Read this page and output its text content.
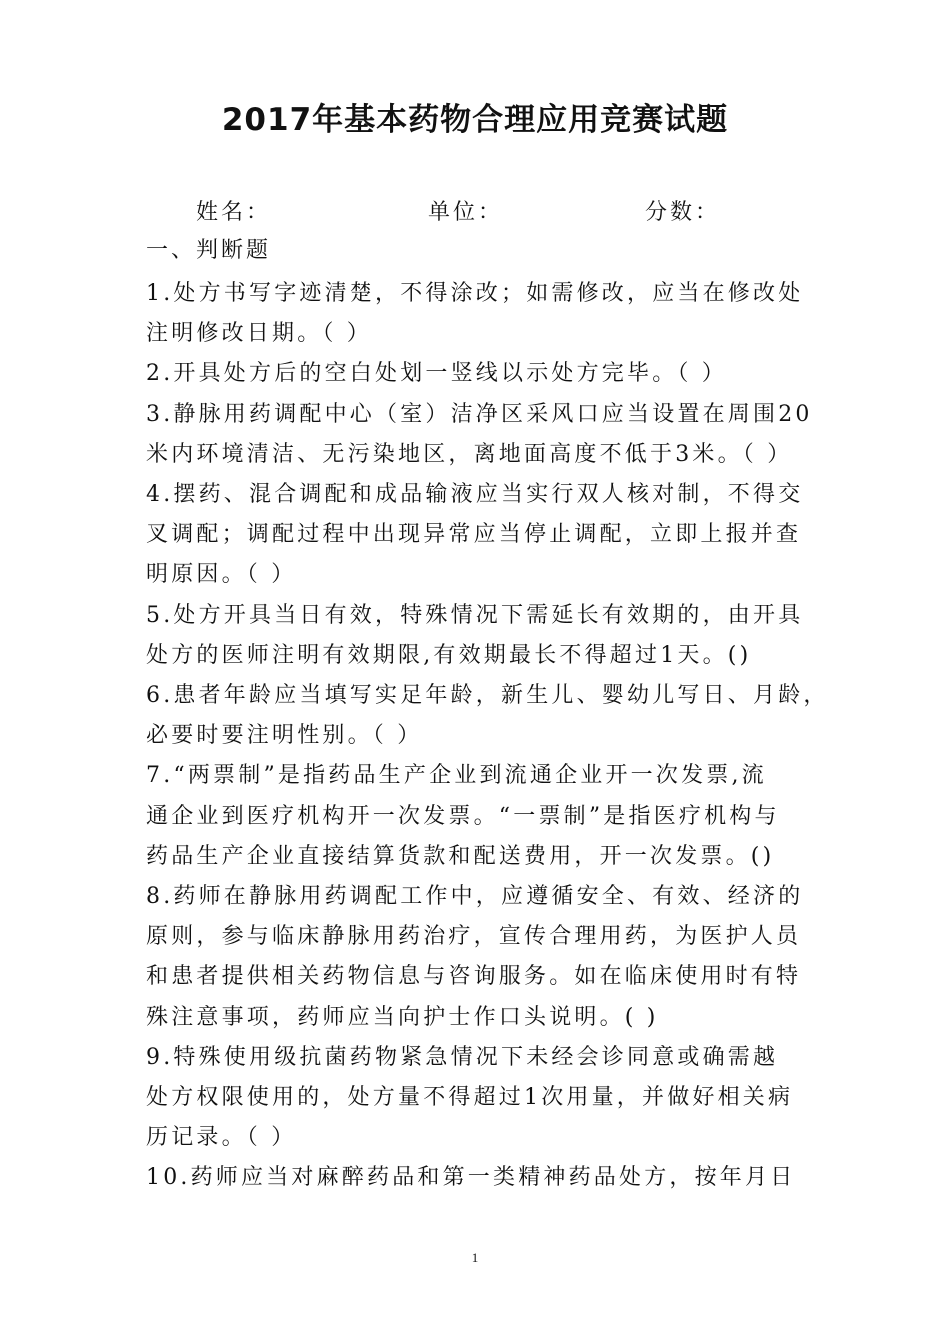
2017年基本药物合理应用竞赛试题
姓名：	单位：	分数：
一、判断题
1.处方书写字迹清楚，不得涂改；如需修改，应当在修改处
注明修改日期。（ ）
2.开具处方后的空白处划一竖线以示处方完毕。（ ）
3.静脉用药调配中心（室）洁净区采风口应当设置在周围20
米内环境清洁、无污染地区，离地面高度不低于3米。（ ）
4.摆药、混合调配和成品输液应当实行双人核对制，不得交
叉调配；调配过程中出现异常应当停止调配，立即上报并查
明原因。（ ）
5.处方开具当日有效，特殊情况下需延长有效期的，由开具
处方的医师注明有效期限,有效期最长不得超过1天。()
6.患者年龄应当填写实足年龄，新生儿、婴幼儿写日、月龄，
必要时要注明性别。（ ）
7.“两票制”是指药品生产企业到流通企业开一次发票,流
通企业到医疗机构开一次发票。“一票制”是指医疗机构与
药品生产企业直接结算货款和配送费用，开一次发票。()
8.药师在静脉用药调配工作中，应遵循安全、有效、经济的
原则，参与临床静脉用药治疗，宣传合理用药，为医护人员
和患者提供相关药物信息与咨询服务。如在临床使用时有特
殊注意事项，药师应当向护士作口头说明。( )
9.特殊使用级抗菌药物紧急情况下未经会诊同意或确需越
处方权限使用的，处方量不得超过1次用量，并做好相关病
历记录。（ ）
10.药师应当对麻醉药品和第一类精神药品处方，按年月日
1
